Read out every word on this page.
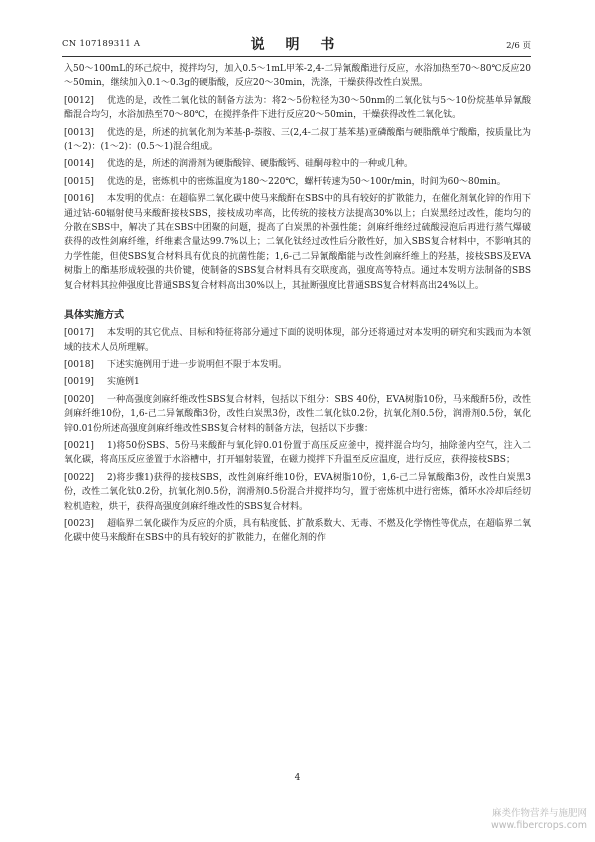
CN 107189311 A	说 明 书	2/6 页

入50～100mL的环己烷中，搅拌均匀，加入0.5～1mL甲苯-2,4-二异氰酸酯进行反应，水浴加热至70～80℃反应20～50min，继续加入0.1～0.3g的硬脂酸，反应20～30min，洗涤，干燥获得改性白炭黑。

[0012] 优选的是，改性二氧化钛的制备方法为：将2～5份粒径为30～50nm的二氧化钛与5～10份烷基单异氰酸酯混合均匀，水浴加热至70～80℃，在搅拌条件下进行反应20～50min，干燥获得改性二氧化钛。

[0013] 优选的是，所述的抗氧化剂为苯基-β-萘胺、三(2,4-二叔丁基苯基)亚磷酸酯与硬脂酰单宁酸酯，按质量比为(1～2)：(1～2)：(0.5～1)混合组成。

[0014] 优选的是，所述的润滑剂为硬脂酸锌、硬脂酸钙、硅酮母粒中的一种或几种。

[0015] 优选的是，密炼机中的密炼温度为180～220℃，螺杆转速为50～100r/min，时间为60～80min。

[0016] 本发明的优点：在超临界二氧化碳中使马来酸酐在SBS中的具有较好的扩散能力，在催化剂氧化锌的作用下通过钴-60辐射使马来酸酐接枝SBS，接枝成功率高，比传统的接枝方法提高30%以上；白炭黑经过改性，能均匀的分散在SBS中，解决了其在SBS中团聚的问题，提高了白炭黑的补强性能；剑麻纤维经过硫酸浸泡后再进行蒸气爆破获得的改性剑麻纤维，纤维素含量达99.7%以上；二氧化钛经过改性后分散性好，加入SBS复合材料中，不影响其的力学性能，但使SBS复合材料具有优良的抗菌性能；1,6-己二异氰酸酯能与改性剑麻纤维上的羟基，接枝SBS及EVA树脂上的酯基形成较强的共价键，使制备的SBS复合材料具有交联度高，强度高等特点。通过本发明方法制备的SBS复合材料其拉伸强度比普通SBS复合材料高出30%以上，其扯断强度比普通SBS复合材料高出24%以上。

具体实施方式

[0017] 本发明的其它优点、目标和特征将部分通过下面的说明体现，部分还将通过对本发明的研究和实践而为本领域的技术人员所理解。

[0018] 下述实施例用于进一步说明但不限于本发明。

[0019] 实施例1

[0020] 一种高强度剑麻纤维改性SBS复合材料，包括以下组分：SBS 40份，EVA树脂10份，马来酸酐5份，改性剑麻纤维10份，1,6-己二异氰酸酯3份，改性白炭黑3份，改性二氧化钛0.2份，抗氧化剂0.5份，润滑剂0.5份，氧化锌0.01份所述高强度剑麻纤维改性SBS复合材料的制备方法，包括以下步骤：

[0021] 1)将50份SBS、5份马来酸酐与氧化锌0.01份置于高压反应釜中，搅拌混合均匀，抽除釜内空气，注入二氧化碳，将高压反应釜置于水浴槽中，打开辐射装置，在磁力搅拌下升温至反应温度，进行反应，获得接枝SBS；

[0022] 2)将步骤1)获得的接枝SBS，改性剑麻纤维10份，EVA树脂10份，1,6-己二异氰酸酯3份，改性白炭黑3份，改性二氧化钛0.2份，抗氧化剂0.5份，润滑剂0.5份混合并搅拌均匀，置于密炼机中进行密炼，循环水冷却后经切粒机造粒，烘干，获得高强度剑麻纤维改性的SBS复合材料。

[0023] 超临界二氧化碳作为反应的介质，具有粘度低、扩散系数大、无毒、不燃及化学惰性等优点，在超临界二氧化碳中使马来酸酐在SBS中的具有较好的扩散能力，在催化剂的作

4
麻类作物营养与施肥网
www.fibercrops.com
